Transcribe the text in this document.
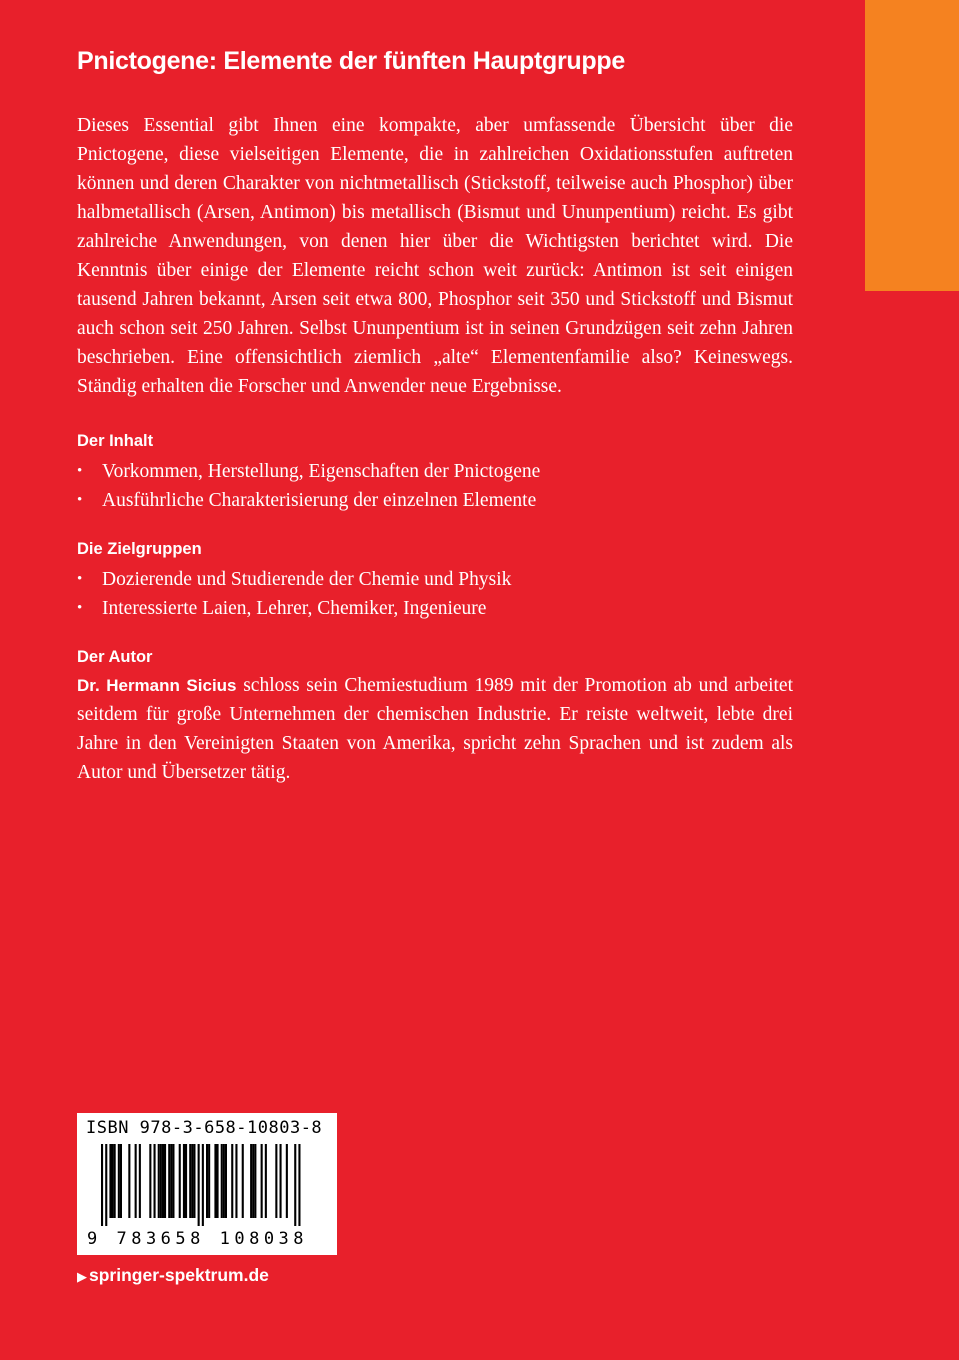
Pnictogene: Elemente der fünften Hauptgruppe

Dieses Essential gibt Ihnen eine kompakte, aber umfassende Übersicht über die Pnictogene, diese vielseitigen Elemente, die in zahlreichen Oxidationsstufen auftreten können und deren Charakter von nichtmetallisch (Stickstoff, teilweise auch Phosphor) über halbmetallisch (Arsen, Antimon) bis metallisch (Bismut und Ununpentium) reicht. Es gibt zahlreiche Anwendungen, von denen hier über die Wichtigsten berichtet wird. Die Kenntnis über einige der Elemente reicht schon weit zurück: Antimon ist seit einigen tausend Jahren bekannt, Arsen seit etwa 800, Phosphor seit 350 und Stickstoff und Bismut auch schon seit 250 Jahren. Selbst Ununpentium ist in seinen Grundzügen seit zehn Jahren beschrieben. Eine offensichtlich ziemlich „alte“ Elementenfamilie also? Keineswegs. Ständig erhalten die Forscher und Anwender neue Ergebnisse.

Der Inhalt
• Vorkommen, Herstellung, Eigenschaften der Pnictogene
• Ausführliche Charakterisierung der einzelnen Elemente
Die Zielgruppen
• Dozierende und Studierende der Chemie und Physik
• Interessierte Laien, Lehrer, Chemiker, Ingenieure
Der Autor

Dr. Hermann Sicius schloss sein Chemiestudium 1989 mit der Promotion ab und arbeitet seitdem für große Unternehmen der chemischen Industrie. Er reiste weltweit, lebte drei Jahre in den Vereinigten Staaten von Amerika, spricht zehn Sprachen und ist zudem als Autor und Übersetzer tätig.

ISBN 978-3-658-10803-8
9 783658 108038
▶ springer-spektrum.de
